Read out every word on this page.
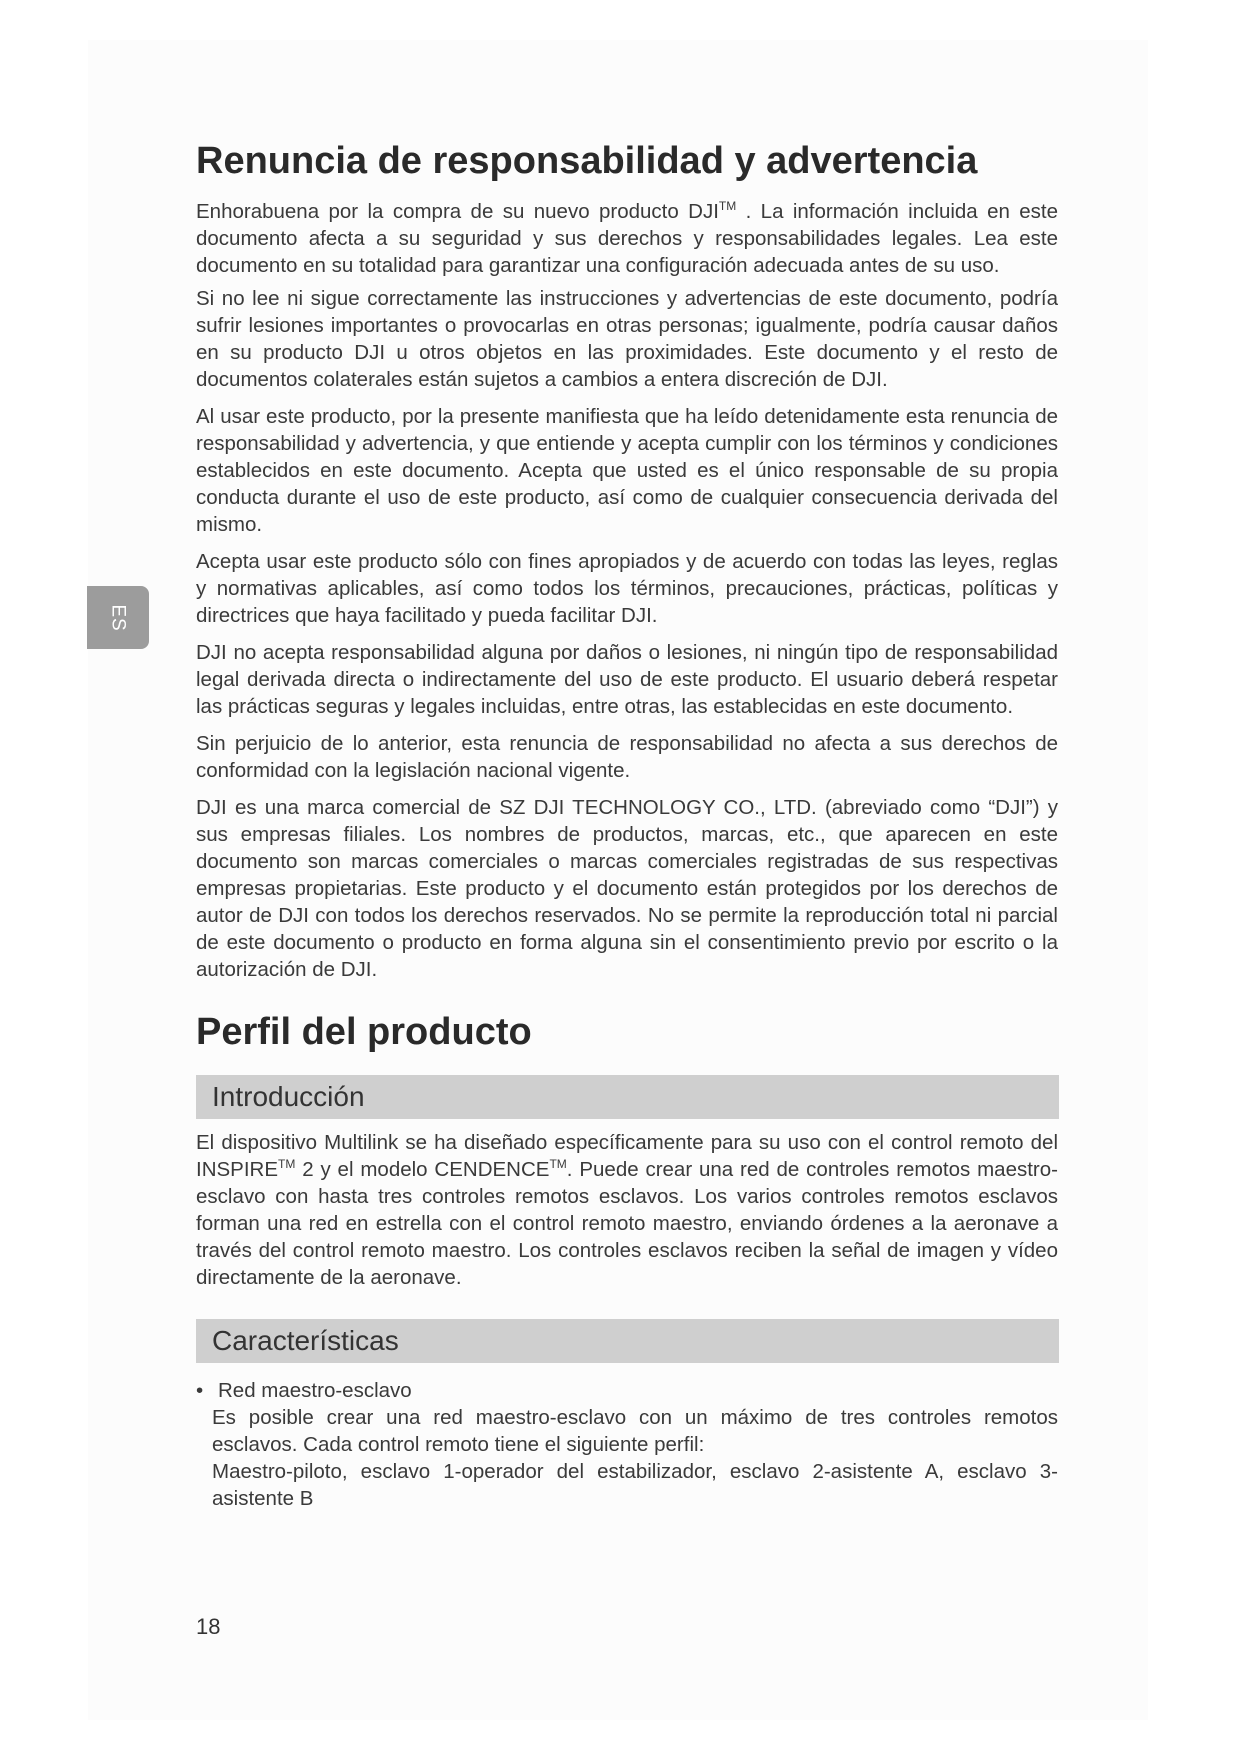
ES
Renuncia de responsabilidad y advertencia

Enhorabuena por la compra de su nuevo producto DJI™ . La información incluida en este documento afecta a su seguridad y sus derechos y responsabilidades legales. Lea este documento en su totalidad para garantizar una configuración adecuada antes de su uso.

Si no lee ni sigue correctamente las instrucciones y advertencias de este documento, podría sufrir lesiones importantes o provocarlas en otras personas; igualmente, podría causar daños en su producto DJI u otros objetos en las proximidades. Este documento y el resto de documentos colaterales están sujetos a cambios a entera discreción de DJI.

Al usar este producto, por la presente manifiesta que ha leído detenidamente esta renuncia de responsabilidad y advertencia, y que entiende y acepta cumplir con los términos y condiciones establecidos en este documento. Acepta que usted es el único responsable de su propia conducta durante el uso de este producto, así como de cualquier consecuencia derivada del mismo.

Acepta usar este producto sólo con fines apropiados y de acuerdo con todas las leyes, reglas y normativas aplicables, así como todos los términos, precauciones, prácticas, políticas y directrices que haya facilitado y pueda facilitar DJI.

DJI no acepta responsabilidad alguna por daños o lesiones, ni ningún tipo de responsabilidad legal derivada directa o indirectamente del uso de este producto. El usuario deberá respetar las prácticas seguras y legales incluidas, entre otras, las establecidas en este documento.

Sin perjuicio de lo anterior, esta renuncia de responsabilidad no afecta a sus derechos de conformidad con la legislación nacional vigente.

DJI es una marca comercial de SZ DJI TECHNOLOGY CO., LTD. (abreviado como “DJI”) y sus empresas filiales. Los nombres de productos, marcas, etc., que aparecen en este documento son marcas comerciales o marcas comerciales registradas de sus respectivas empresas propietarias. Este producto y el documento están protegidos por los derechos de autor de DJI con todos los derechos reservados. No se permite la reproducción total ni parcial de este documento o producto en forma alguna sin el consentimiento previo por escrito o la autorización de DJI.

Perfil del producto
Introducción

El dispositivo Multilink se ha diseñado específicamente para su uso con el control remoto del INSPIRE™ 2 y el modelo CENDENCE™. Puede crear una red de controles remotos maestro-esclavo con hasta tres controles remotos esclavos. Los varios controles remotos esclavos forman una red en estrella con el control remoto maestro, enviando órdenes a la aeronave a través del control remoto maestro. Los controles esclavos reciben la señal de imagen y vídeo directamente de la aeronave.

Características
• Red maestro-esclavo
Es posible crear una red maestro-esclavo con un máximo de tres controles remotos esclavos. Cada control remoto tiene el siguiente perfil:
Maestro-piloto, esclavo 1-operador del estabilizador, esclavo 2-asistente A, esclavo 3- asistente B
18
